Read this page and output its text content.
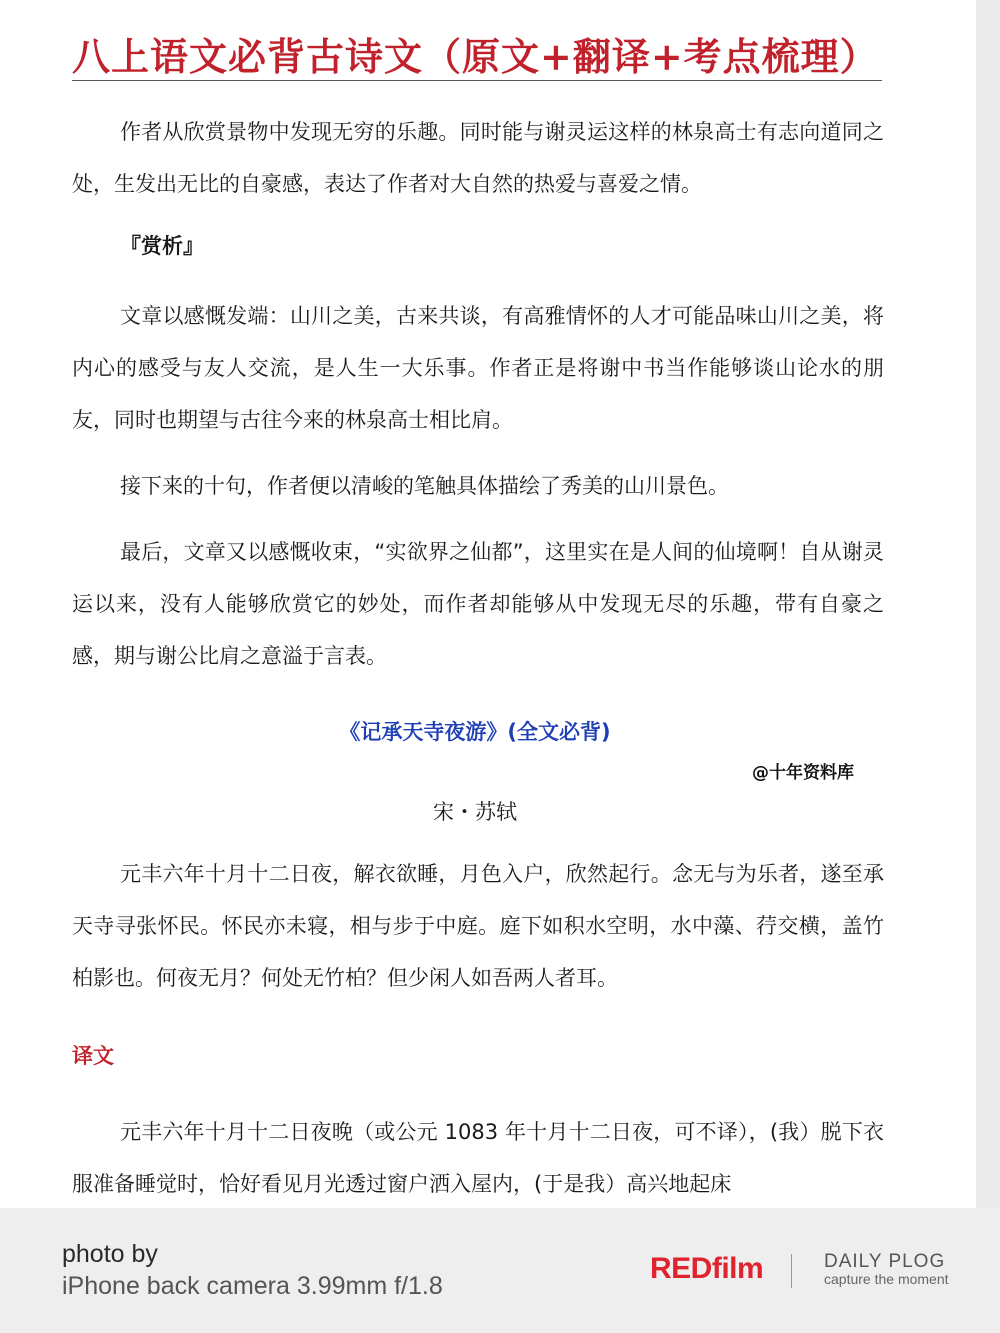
八上语文必背古诗文（原文+翻译+考点梳理）

作者从欣赏景物中发现无穷的乐趣。同时能与谢灵运这样的林泉高士有志向道同之处，生发出无比的自豪感，表达了作者对大自然的热爱与喜爱之情。

『赏析』

文章以感慨发端：山川之美，古来共谈，有高雅情怀的人才可能品味山川之美，将内心的感受与友人交流，是人生一大乐事。作者正是将谢中书当作能够谈山论水的朋友，同时也期望与古往今来的林泉高士相比肩。

接下来的十句，作者便以清峻的笔触具体描绘了秀美的山川景色。

最后，文章又以感慨收束，“实欲界之仙都”，这里实在是人间的仙境啊！自从谢灵运以来，没有人能够欣赏它的妙处，而作者却能够从中发现无尽的乐趣，带有自豪之感，期与谢公比肩之意溢于言表。

《记承天寺夜游》(全文必背)
@十年资料库
宋・苏轼

元丰六年十月十二日夜，解衣欲睡，月色入户，欣然起行。念无与为乐者，遂至承天寺寻张怀民。怀民亦未寝，相与步于中庭。庭下如积水空明，水中藻、荇交横，盖竹柏影也。何夜无月？何处无竹柏？但少闲人如吾两人者耳。

译文

元丰六年十月十二日夜晚（或公元 1083 年十月十二日夜，可不译），(我）脱下衣服准备睡觉时，恰好看见月光透过窗户洒入屋内，(于是我）高兴地起床

photo by
iPhone back camera 3.99mm f/1.8
REDfilm	DAILY PLOG
capture the moment
